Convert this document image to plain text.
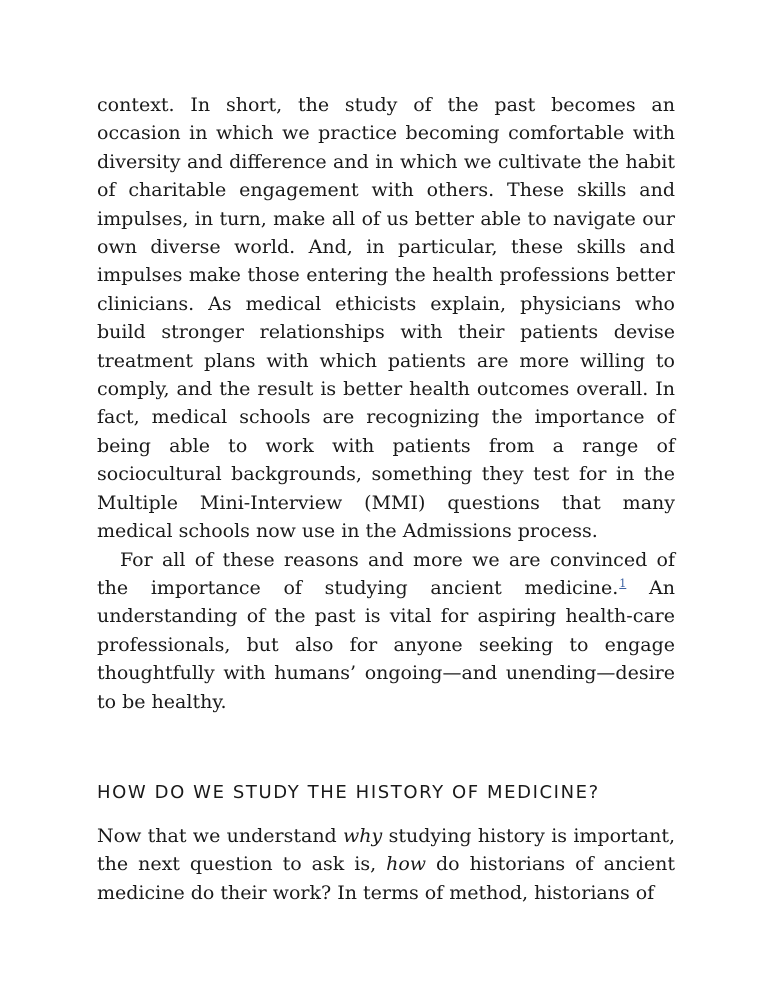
context. In short, the study of the past becomes an occasion in which we practice becoming comfortable with diversity and difference and in which we cultivate the habit of charitable engagement with others. These skills and impulses, in turn, make all of us better able to navigate our own diverse world. And, in particular, these skills and impulses make those entering the health professions better clinicians. As medical ethicists explain, physicians who build stronger relationships with their patients devise treatment plans with which patients are more willing to comply, and the result is better health outcomes overall. In fact, medical schools are recognizing the importance of being able to work with patients from a range of sociocultural backgrounds, something they test for in the Multiple Mini-Interview (MMI) questions that many medical schools now use in the Admissions process.

For all of these reasons and more we are convinced of the importance of studying ancient medicine.$^1$ An understanding of the past is vital for aspiring health-care professionals, but also for anyone seeking to engage thoughtfully with humans’ ongoing—and unending—desire to be healthy.

HOW DO WE STUDY THE HISTORY OF MEDICINE?

Now that we understand why studying history is important, the next question to ask is, how do historians of ancient medicine do their work? In terms of method, historians of
